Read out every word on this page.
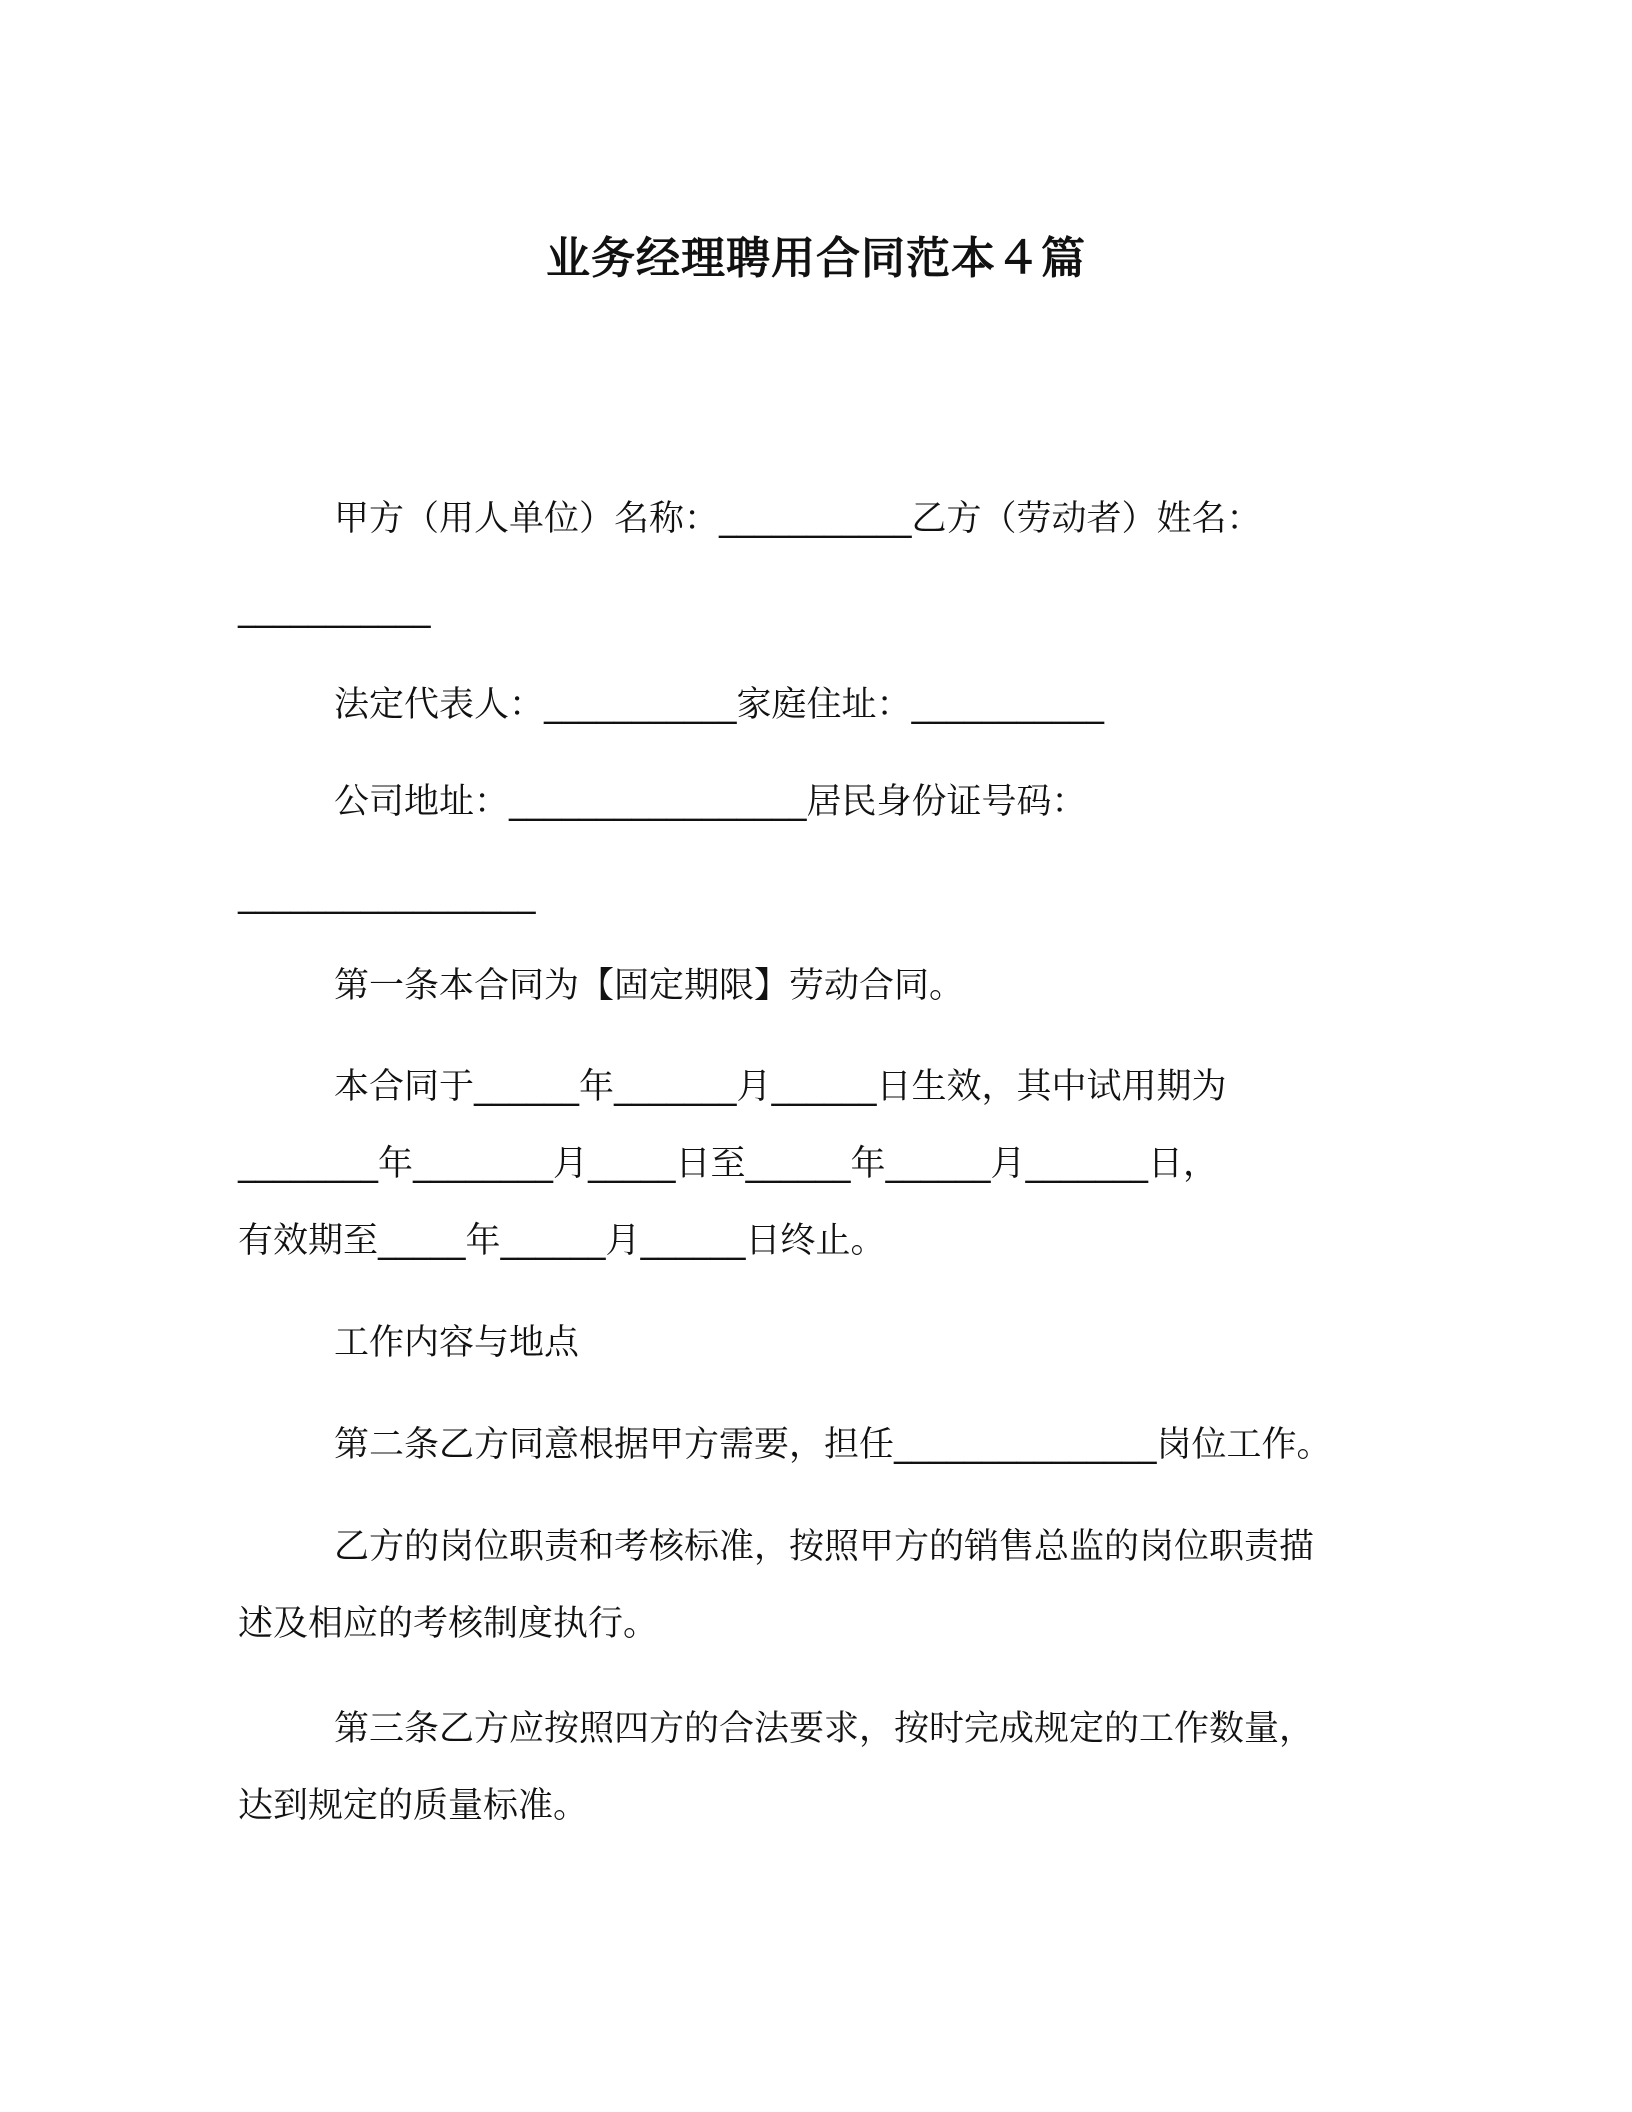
业务经理聘用合同范本４篇

甲方（用人单位）名称：___________乙方（劳动者）姓名：

___________

法定代表人：___________家庭住址：___________

公司地址：_________________居民身份证号码：

_________________

第一条本合同为【固定期限】劳动合同。

本合同于______年_______月______日生效，其中试用期为

________年________月_____日至______年______月_______日，

有效期至_____年______月______日终止。

工作内容与地点

第二条乙方同意根据甲方需要，担任_______________岗位工作。

乙方的岗位职责和考核标准，按照甲方的销售总监的岗位职责描

述及相应的考核制度执行。

第三条乙方应按照四方的合法要求，按时完成规定的工作数量，

达到规定的质量标准。
